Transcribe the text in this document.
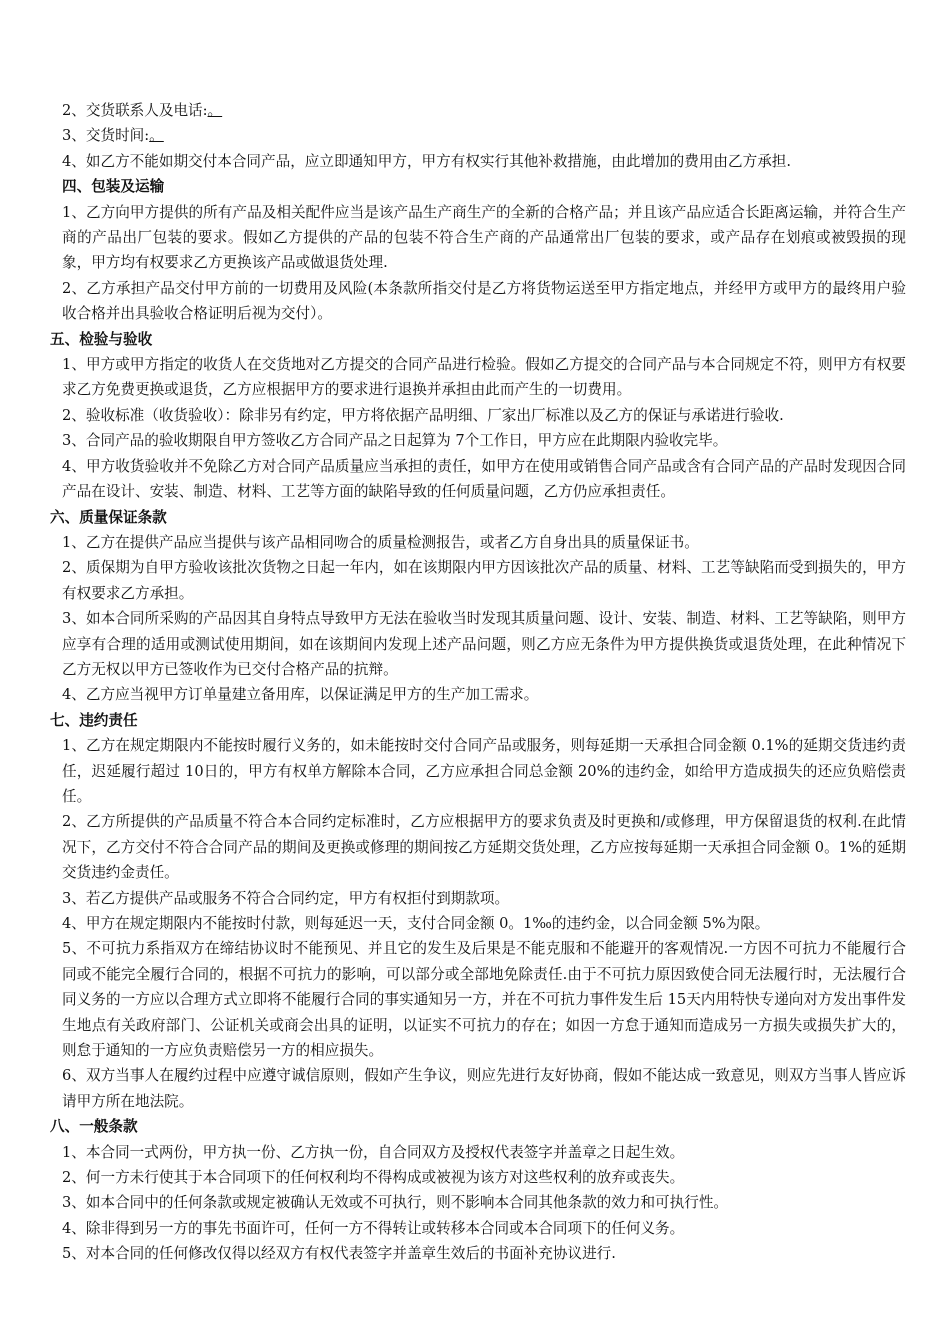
2、交货联系人及电话:。

3、交货时间:。

4、如乙方不能如期交付本合同产品，应立即通知甲方，甲方有权实行其他补救措施，由此增加的费用由乙方承担.

四、包装及运输

1、乙方向甲方提供的所有产品及相关配件应当是该产品生产商生产的全新的合格产品；并且该产品应适合长距离运输，并符合生产商的产品出厂包装的要求。假如乙方提供的产品的包装不符合生产商的产品通常出厂包装的要求，或产品存在划痕或被毁损的现象，甲方均有权要求乙方更换该产品或做退货处理.

2、乙方承担产品交付甲方前的一切费用及风险(本条款所指交付是乙方将货物运送至甲方指定地点，并经甲方或甲方的最终用户验收合格并出具验收合格证明后视为交付）。

五、检验与验收

1、甲方或甲方指定的收货人在交货地对乙方提交的合同产品进行检验。假如乙方提交的合同产品与本合同规定不符，则甲方有权要求乙方免费更换或退货，乙方应根据甲方的要求进行退换并承担由此而产生的一切费用。

2、验收标准（收货验收）：除非另有约定，甲方将依据产品明细、厂家出厂标准以及乙方的保证与承诺进行验收.

3、合同产品的验收期限自甲方签收乙方合同产品之日起算为 7个工作日，甲方应在此期限内验收完毕。

4、甲方收货验收并不免除乙方对合同产品质量应当承担的责任，如甲方在使用或销售合同产品或含有合同产品的产品时发现因合同产品在设计、安装、制造、材料、工艺等方面的缺陷导致的任何质量问题，乙方仍应承担责任。

六、质量保证条款

1、乙方在提供产品应当提供与该产品相同吻合的质量检测报告，或者乙方自身出具的质量保证书。

2、质保期为自甲方验收该批次货物之日起一年内，如在该期限内甲方因该批次产品的质量、材料、工艺等缺陷而受到损失的，甲方有权要求乙方承担。

3、如本合同所采购的产品因其自身特点导致甲方无法在验收当时发现其质量问题、设计、安装、制造、材料、工艺等缺陷，则甲方应享有合理的适用或测试使用期间，如在该期间内发现上述产品问题，则乙方应无条件为甲方提供换货或退货处理，在此种情况下乙方无权以甲方已签收作为已交付合格产品的抗辩。

4、乙方应当视甲方订单量建立备用库，以保证满足甲方的生产加工需求。

七、违约责任

1、乙方在规定期限内不能按时履行义务的，如未能按时交付合同产品或服务，则每延期一天承担合同金额 0.1%的延期交货违约责任，迟延履行超过 10日的，甲方有权单方解除本合同，乙方应承担合同总金额 20%的违约金，如给甲方造成损失的还应负赔偿责任。

2、乙方所提供的产品质量不符合本合同约定标准时，乙方应根据甲方的要求负责及时更换和/或修理，甲方保留退货的权利.在此情况下，乙方交付不符合合同产品的期间及更换或修理的期间按乙方延期交货处理，乙方应按每延期一天承担合同金额 0。1%的延期交货违约金责任。

3、若乙方提供产品或服务不符合合同约定，甲方有权拒付到期款项。

4、甲方在规定期限内不能按时付款，则每延迟一天，支付合同金额 0。1‰的违约金，以合同金额 5%为限。

5、不可抗力系指双方在缔结协议时不能预见、并且它的发生及后果是不能克服和不能避开的客观情况.一方因不可抗力不能履行合同或不能完全履行合同的，根据不可抗力的影响，可以部分或全部地免除责任.由于不可抗力原因致使合同无法履行时，无法履行合同义务的一方应以合理方式立即将不能履行合同的事实通知另一方，并在不可抗力事件发生后 15天内用特快专递向对方发出事件发生地点有关政府部门、公证机关或商会出具的证明，以证实不可抗力的存在；如因一方怠于通知而造成另一方损失或损失扩大的，则怠于通知的一方应负责赔偿另一方的相应损失。

6、双方当事人在履约过程中应遵守诚信原则，假如产生争议，则应先进行友好协商，假如不能达成一致意见，则双方当事人皆应诉请甲方所在地法院。

八、一般条款

1、本合同一式两份，甲方执一份、乙方执一份，自合同双方及授权代表签字并盖章之日起生效。

2、何一方未行使其于本合同项下的任何权利均不得构成或被视为该方对这些权利的放弃或丧失。

3、如本合同中的任何条款或规定被确认无效或不可执行，则不影响本合同其他条款的效力和可执行性。

4、除非得到另一方的事先书面许可，任何一方不得转让或转移本合同或本合同项下的任何义务。

5、对本合同的任何修改仅得以经双方有权代表签字并盖章生效后的书面补充协议进行.
